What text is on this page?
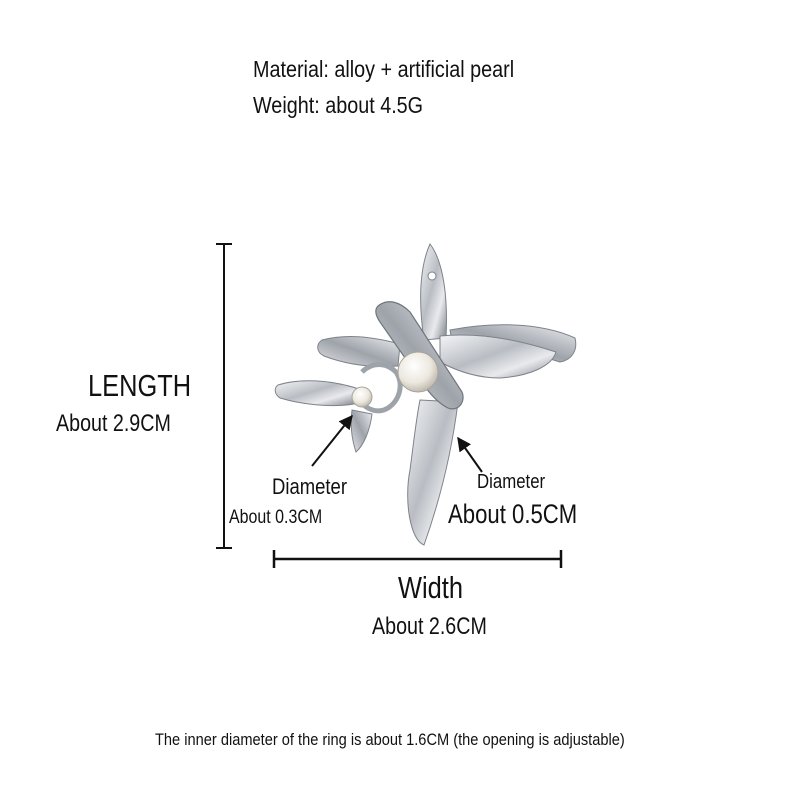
Material: alloy + artificial pearl
Weight: about 4.5G
LENGTH
About 2.9CM
Diameter
About 0.3CM
Diameter
About 0.5CM
Width
About 2.6CM
The inner diameter of the ring is about 1.6CM (the opening is adjustable)
